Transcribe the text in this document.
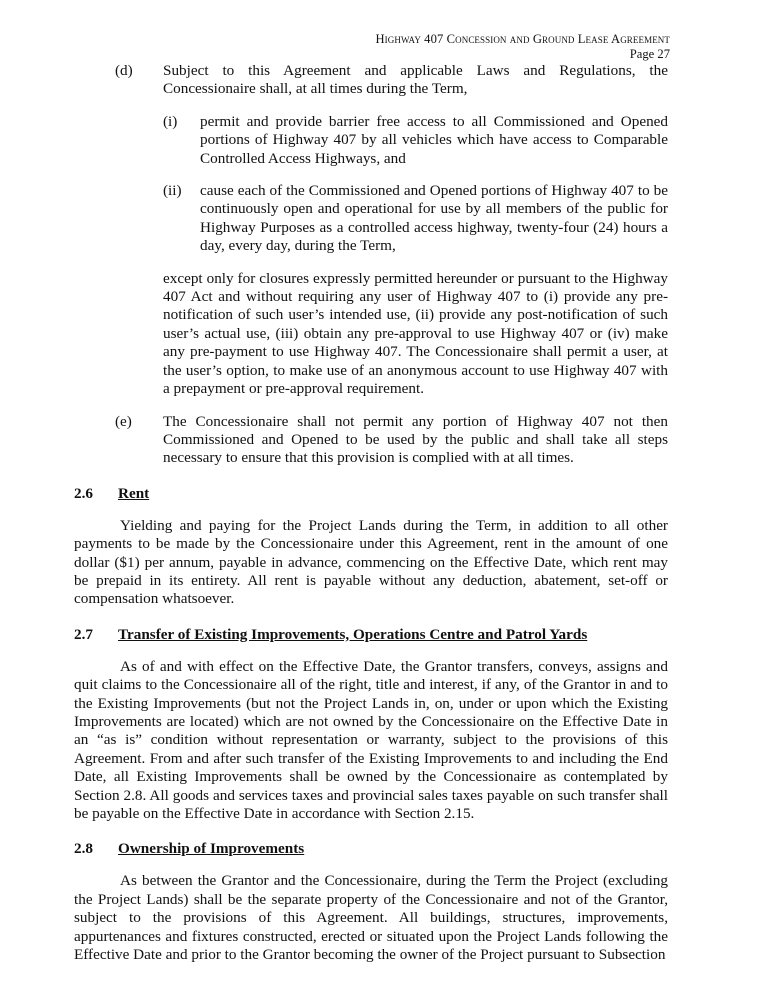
Highway 407 Concession and Ground Lease Agreement
Page 27
(d) Subject to this Agreement and applicable Laws and Regulations, the Concessionaire shall, at all times during the Term,

(i) permit and provide barrier free access to all Commissioned and Opened portions of Highway 407 by all vehicles which have access to Comparable Controlled Access Highways, and

(ii) cause each of the Commissioned and Opened portions of Highway 407 to be continuously open and operational for use by all members of the public for Highway Purposes as a controlled access highway, twenty-four (24) hours a day, every day, during the Term,

except only for closures expressly permitted hereunder or pursuant to the Highway 407 Act and without requiring any user of Highway 407 to (i) provide any pre-notification of such user’s intended use, (ii) provide any post-notification of such user’s actual use, (iii) obtain any pre-approval to use Highway 407 or (iv) make any pre-payment to use Highway 407. The Concessionaire shall permit a user, at the user’s option, to make use of an anonymous account to use Highway 407 with a prepayment or pre-approval requirement.

(e) The Concessionaire shall not permit any portion of Highway 407 not then Commissioned and Opened to be used by the public and shall take all steps necessary to ensure that this provision is complied with at all times.

2.6 Rent

Yielding and paying for the Project Lands during the Term, in addition to all other payments to be made by the Concessionaire under this Agreement, rent in the amount of one dollar ($1) per annum, payable in advance, commencing on the Effective Date, which rent may be prepaid in its entirety. All rent is payable without any deduction, abatement, set-off or compensation whatsoever.

2.7 Transfer of Existing Improvements, Operations Centre and Patrol Yards

As of and with effect on the Effective Date, the Grantor transfers, conveys, assigns and quit claims to the Concessionaire all of the right, title and interest, if any, of the Grantor in and to the Existing Improvements (but not the Project Lands in, on, under or upon which the Existing Improvements are located) which are not owned by the Concessionaire on the Effective Date in an “as is” condition without representation or warranty, subject to the provisions of this Agreement. From and after such transfer of the Existing Improvements to and including the End Date, all Existing Improvements shall be owned by the Concessionaire as contemplated by Section 2.8. All goods and services taxes and provincial sales taxes payable on such transfer shall be payable on the Effective Date in accordance with Section 2.15.

2.8 Ownership of Improvements

As between the Grantor and the Concessionaire, during the Term the Project (excluding the Project Lands) shall be the separate property of the Concessionaire and not of the Grantor, subject to the provisions of this Agreement. All buildings, structures, improvements, appurtenances and fixtures constructed, erected or situated upon the Project Lands following the Effective Date and prior to the Grantor becoming the owner of the Project pursuant to Subsection
